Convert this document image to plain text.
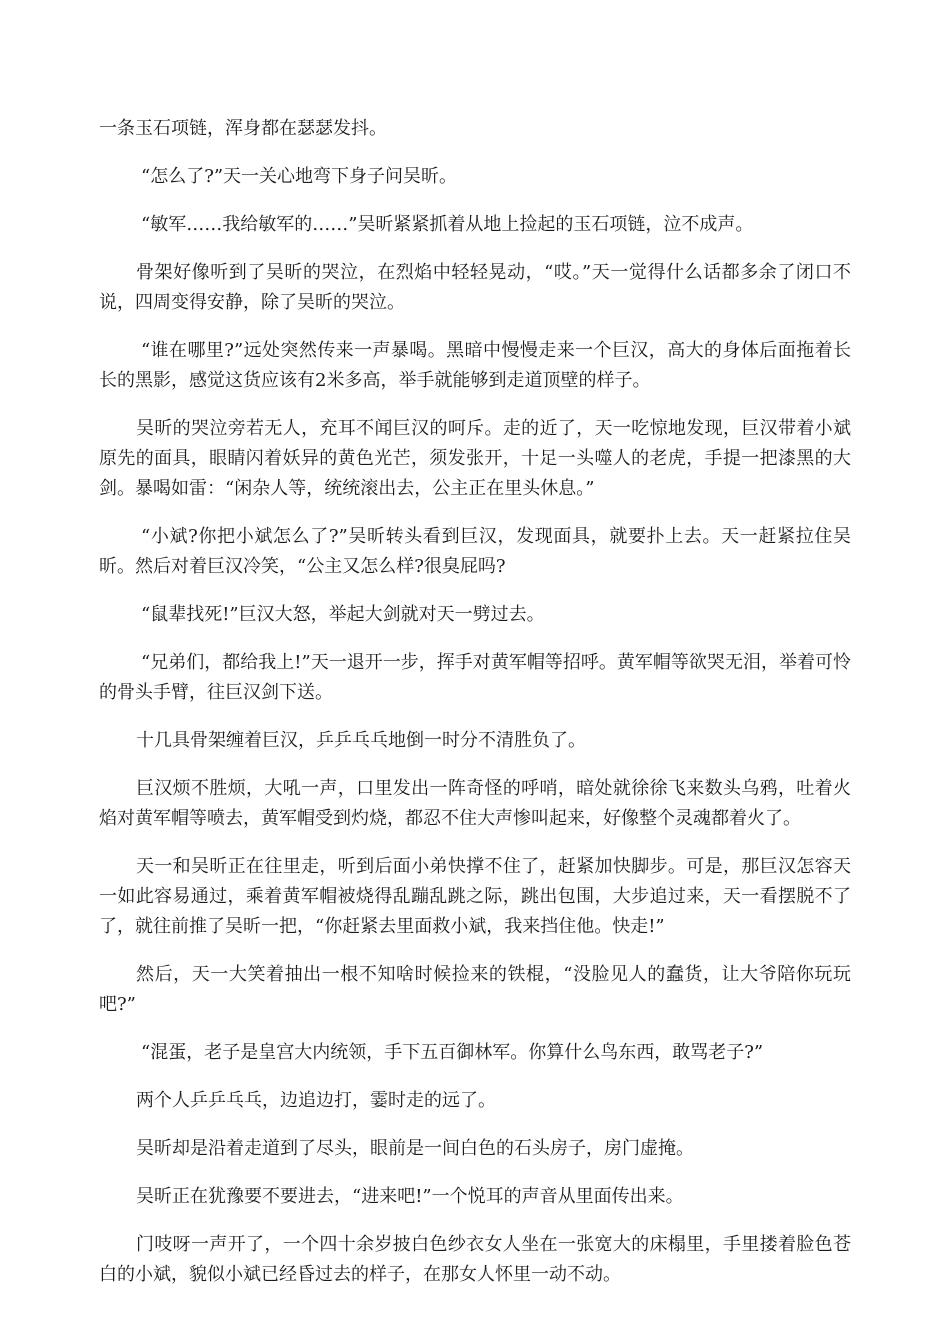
一条玉石项链，浑身都在瑟瑟发抖。

“怎么了?”天一关心地弯下身子问吴昕。

“敏军……我给敏军的……”吴昕紧紧抓着从地上捡起的玉石项链，泣不成声。

骨架好像听到了吴昕的哭泣，在烈焰中轻轻晃动，“哎。”天一觉得什么话都多余了闭口不说，四周变得安静，除了吴昕的哭泣。

“谁在哪里?”远处突然传来一声暴喝。黑暗中慢慢走来一个巨汉，高大的身体后面拖着长长的黑影，感觉这货应该有2米多高，举手就能够到走道顶壁的样子。

吴昕的哭泣旁若无人，充耳不闻巨汉的呵斥。走的近了，天一吃惊地发现，巨汉带着小斌原先的面具，眼睛闪着妖异的黄色光芒，须发张开，十足一头噬人的老虎，手提一把漆黑的大剑。暴喝如雷：“闲杂人等，统统滚出去，公主正在里头休息。”

“小斌?你把小斌怎么了?”吴昕转头看到巨汉，发现面具，就要扑上去。天一赶紧拉住吴昕。然后对着巨汉冷笑，“公主又怎么样?很臭屁吗?

“鼠辈找死!”巨汉大怒，举起大剑就对天一劈过去。

“兄弟们，都给我上!”天一退开一步，挥手对黄军帽等招呼。黄军帽等欲哭无泪，举着可怜的骨头手臂，往巨汉剑下送。

十几具骨架缠着巨汉，乒乒乓乓地倒一时分不清胜负了。

巨汉烦不胜烦，大吼一声，口里发出一阵奇怪的呼哨，暗处就徐徐飞来数头乌鸦，吐着火焰对黄军帽等喷去，黄军帽受到灼烧，都忍不住大声惨叫起来，好像整个灵魂都着火了。

天一和吴昕正在往里走，听到后面小弟快撑不住了，赶紧加快脚步。可是，那巨汉怎容天一如此容易通过，乘着黄军帽被烧得乱蹦乱跳之际，跳出包围，大步追过来，天一看摆脱不了了，就往前推了吴昕一把，“你赶紧去里面救小斌，我来挡住他。快走!”

然后，天一大笑着抽出一根不知啥时候捡来的铁棍，“没脸见人的蠢货，让大爷陪你玩玩吧?”

“混蛋，老子是皇宫大内统领，手下五百御林军。你算什么鸟东西，敢骂老子?”

两个人乒乒乓乓，边追边打，霎时走的远了。

吴昕却是沿着走道到了尽头，眼前是一间白色的石头房子，房门虚掩。

吴昕正在犹豫要不要进去，“进来吧!”一个悦耳的声音从里面传出来。

门吱呀一声开了，一个四十余岁披白色纱衣女人坐在一张宽大的床榻里，手里搂着脸色苍白的小斌，貌似小斌已经昏过去的样子，在那女人怀里一动不动。
